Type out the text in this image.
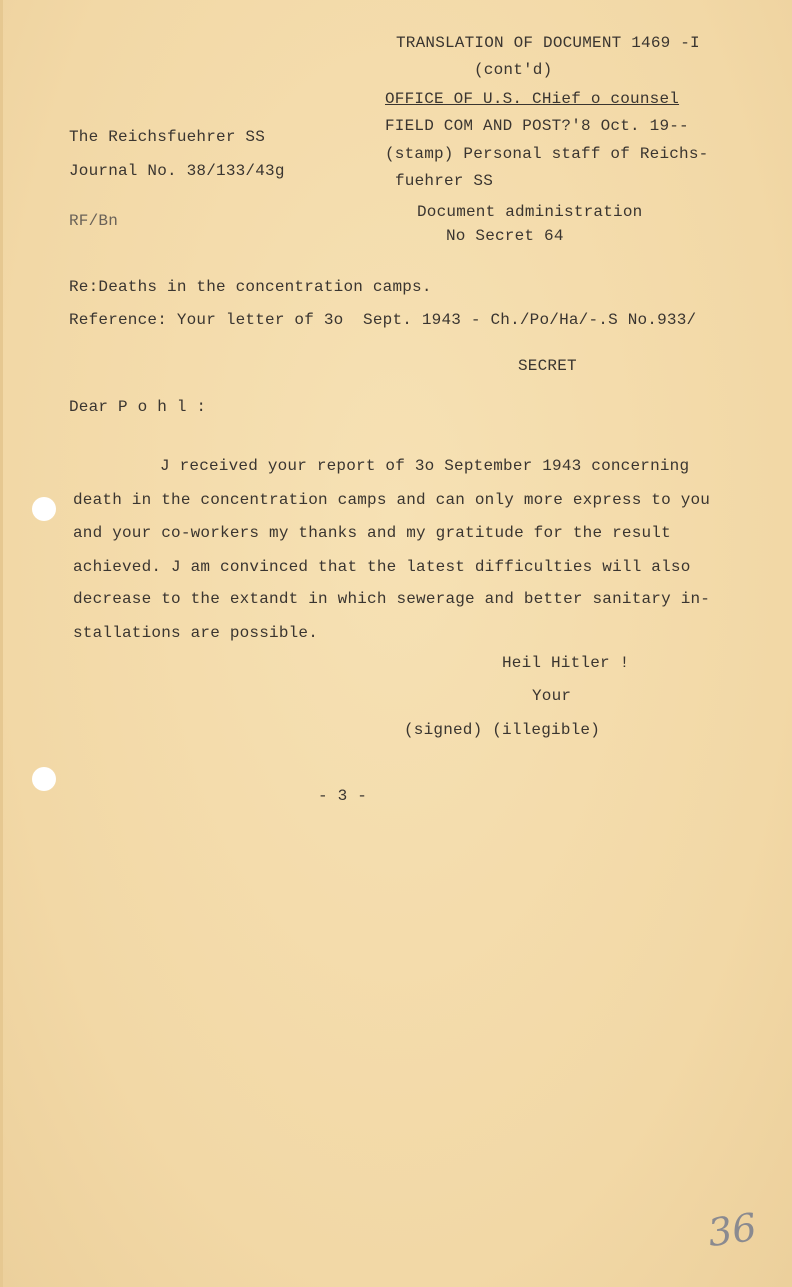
TRANSLATION OF DOCUMENT 1469 -I
(cont'd)
OFFICE OF U.S. CHief o counsel
FIELD COM AND POST?'8 Oct. 19--
(stamp) Personal staff of Reichs-
fuehrer SS
Document administration
No Secret 64
The Reichsfuehrer SS
Journal No. 38/133/43g
RF/Bn
Re:Deaths in the concentration camps.
Reference: Your letter of 3o  Sept. 1943 - Ch./Po/Ha/-.S No.933/
SECRET
Dear P o h l :
J received your report of 3o September 1943 concerning
death in the concentration camps and can only more express to you
and your co-workers my thanks and my gratitude for the result
achieved. J am convinced that the latest difficulties will also
decrease to the extandt in which sewerage and better sanitary in-
stallations are possible.
Heil Hitler !
Your
(signed) (illegible)
- 3 -
36
